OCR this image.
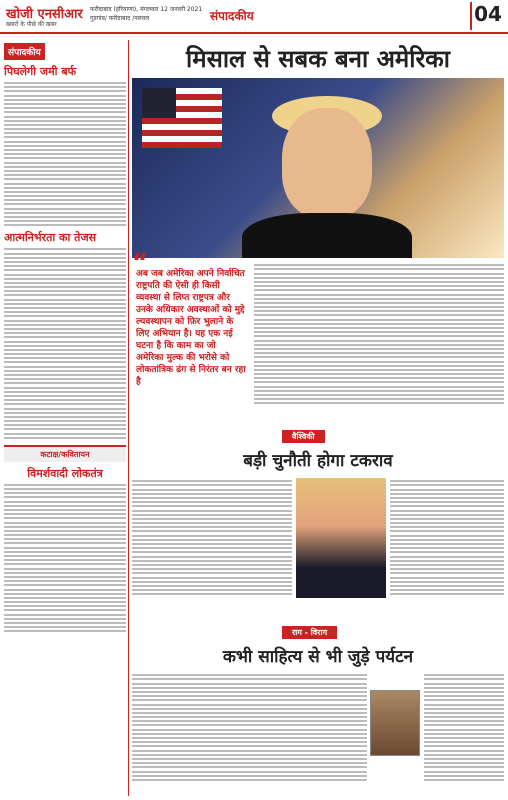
खोजी एनसीआर
खबरों के पीछे की खबर
फरीदाबाद (हरियाणा), मंगलवार 12 जनवरी 2021
गुडगांव/ फरीदाबाद /पलवल	संपादकीय	04
संपादकीय
पिघलेगी जमी बर्फ
आत्मनिर्भरता का तेजस
कटाक्ष/कवितायन
विमर्शवादी लोकतंत्र
मिसाल से सबक बना अमेरिका
“ अब जब अमेरिका अपने निर्वाचित राष्ट्रपति की ऐसी ही किसी व्यवस्था से लिप्त राष्ट्रपत्र और उनके अधिकार अवस्थाओं को मुद्दे ल्यवस्थापन को फ़िर भुलाने के लिए अभियान है। यह एक नई घटना है कि काम का जो अमेरिका मुल्क की भरोसे को लोकतांत्रिक ढंग से निरंतर बन रहा है
वैश्विकी
बड़ी चुनौती होगा टकराव
राग - विराग
कभी साहित्य से भी जुड़े पर्यटन
